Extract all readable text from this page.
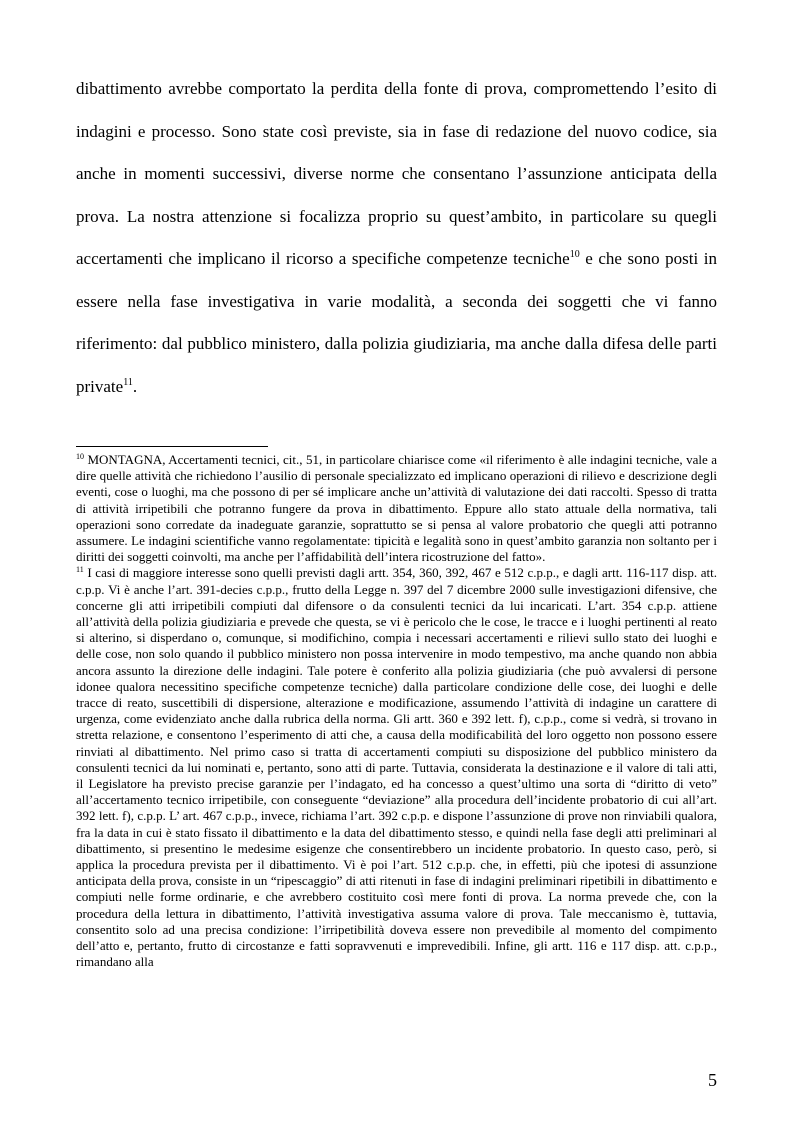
dibattimento avrebbe comportato la perdita della fonte di prova, compromettendo l’esito di indagini e processo. Sono state così previste, sia in fase di redazione del nuovo codice, sia anche in momenti successivi, diverse norme che consentano l’assunzione anticipata della prova. La nostra attenzione si focalizza proprio su quest’ambito, in particolare su quegli accertamenti che implicano il ricorso a specifiche competenze tecniche$^{10}$ e che sono posti in essere nella fase investigativa in varie modalità, a seconda dei soggetti che vi fanno riferimento: dal pubblico ministero, dalla polizia giudiziaria, ma anche dalla difesa delle parti private$^{11}$.

$^{10}$ MONTAGNA, Accertamenti tecnici, cit., 51, in particolare chiarisce come «il riferimento è alle indagini tecniche, vale a dire quelle attività che richiedono l’ausilio di personale specializzato ed implicano operazioni di rilievo e descrizione degli eventi, cose o luoghi, ma che possono di per sé implicare anche un’attività di valutazione dei dati raccolti. Spesso di tratta di attività irripetibili che potranno fungere da prova in dibattimento. Eppure allo stato attuale della normativa, tali operazioni sono corredate da inadeguate garanzie, soprattutto se si pensa al valore probatorio che quegli atti potranno assumere. Le indagini scientifiche vanno regolamentate: tipicità e legalità sono in quest’ambito garanzia non soltanto per i diritti dei soggetti coinvolti, ma anche per l’affidabilità dell’intera ricostruzione del fatto».

$^{11}$ I casi di maggiore interesse sono quelli previsti dagli artt. 354, 360, 392, 467 e 512 c.p.p., e dagli artt. 116-117 disp. att. c.p.p. Vi è anche l’art. 391-decies c.p.p., frutto della Legge n. 397 del 7 dicembre 2000 sulle investigazioni difensive, che concerne gli atti irripetibili compiuti dal difensore o da consulenti tecnici da lui incaricati. L’art. 354 c.p.p. attiene all’attività della polizia giudiziaria e prevede che questa, se vi è pericolo che le cose, le tracce e i luoghi pertinenti al reato si alterino, si disperdano o, comunque, si modifichino, compia i necessari accertamenti e rilievi sullo stato dei luoghi e delle cose, non solo quando il pubblico ministero non possa intervenire in modo tempestivo, ma anche quando non abbia ancora assunto la direzione delle indagini. Tale potere è conferito alla polizia giudiziaria (che può avvalersi di persone idonee qualora necessitino specifiche competenze tecniche) dalla particolare condizione delle cose, dei luoghi e delle tracce di reato, suscettibili di dispersione, alterazione e modificazione, assumendo l’attività di indagine un carattere di urgenza, come evidenziato anche dalla rubrica della norma. Gli artt. 360 e 392 lett. f), c.p.p., come si vedrà, si trovano in stretta relazione, e consentono l’esperimento di atti che, a causa della modificabilità del loro oggetto non possono essere rinviati al dibattimento. Nel primo caso si tratta di accertamenti compiuti su disposizione del pubblico ministero da consulenti tecnici da lui nominati e, pertanto, sono atti di parte. Tuttavia, considerata la destinazione e il valore di tali atti, il Legislatore ha previsto precise garanzie per l’indagato, ed ha concesso a quest’ultimo una sorta di “diritto di veto” all’accertamento tecnico irripetibile, con conseguente “deviazione” alla procedura dell’incidente probatorio di cui all’art. 392 lett. f), c.p.p. L’ art. 467 c.p.p., invece, richiama l’art. 392 c.p.p. e dispone l’assunzione di prove non rinviabili qualora, fra la data in cui è stato fissato il dibattimento e la data del dibattimento stesso, e quindi nella fase degli atti preliminari al dibattimento, si presentino le medesime esigenze che consentirebbero un incidente probatorio. In questo caso, però, si applica la procedura prevista per il dibattimento. Vi è poi l’art. 512 c.p.p. che, in effetti, più che ipotesi di assunzione anticipata della prova, consiste in un “ripescaggio” di atti ritenuti in fase di indagini preliminari ripetibili in dibattimento e compiuti nelle forme ordinarie, e che avrebbero costituito così mere fonti di prova. La norma prevede che, con la procedura della lettura in dibattimento, l’attività investigativa assuma valore di prova. Tale meccanismo è, tuttavia, consentito solo ad una precisa condizione: l’irripetibilità doveva essere non prevedibile al momento del compimento dell’atto e, pertanto, frutto di circostanze e fatti sopravvenuti e imprevedibili. Infine, gli artt. 116 e 117 disp. att. c.p.p., rimandano alla

5
